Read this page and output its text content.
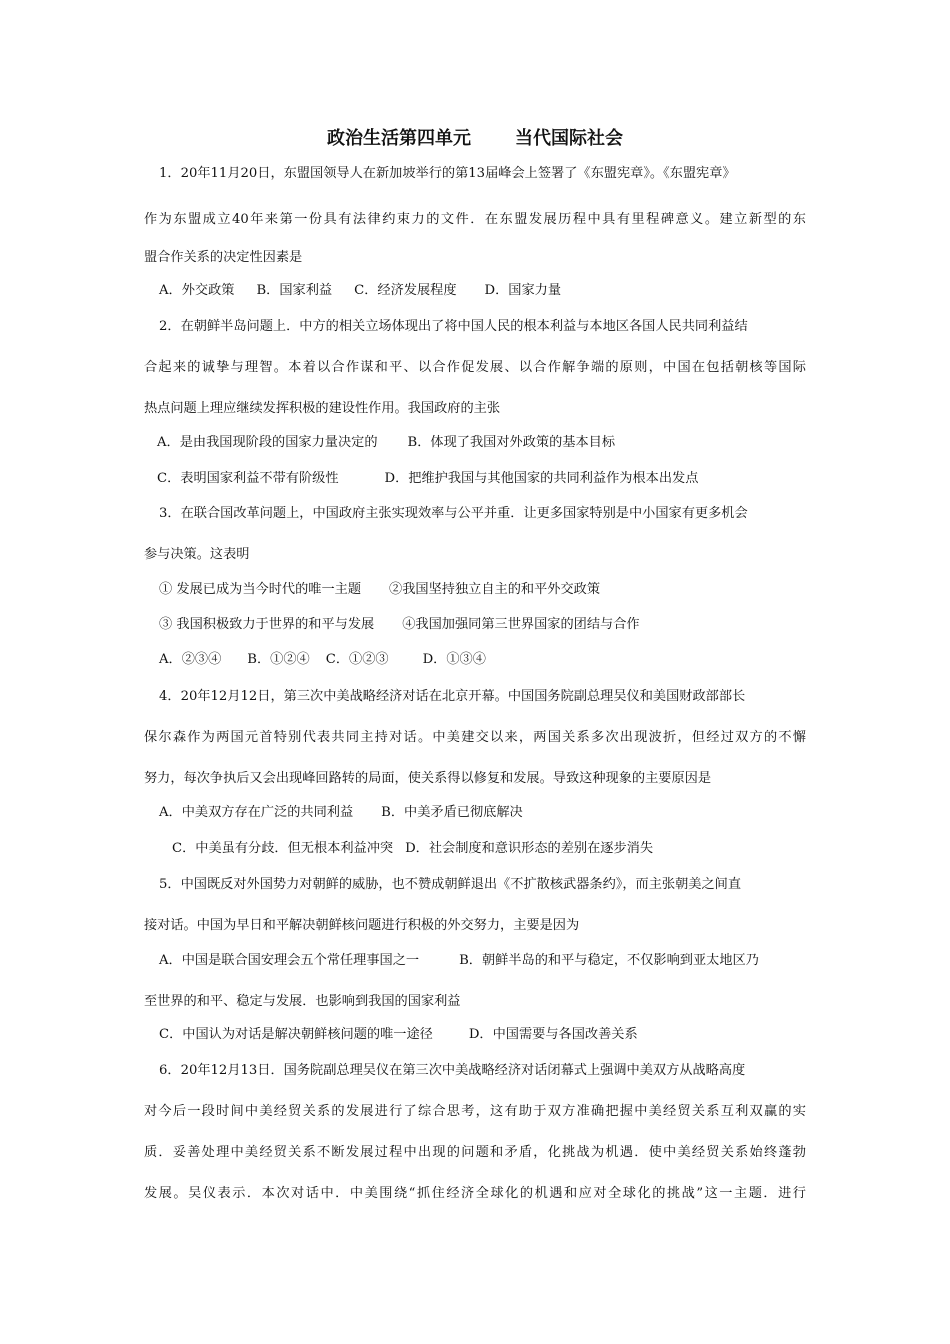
政治生活第四单元 当代国际社会
1．20年11月20日，东盟国领导人在新加坡举行的第13届峰会上签署了《东盟宪章》。《东盟宪章》
作为东盟成立40年来第一份具有法律约束力的文件．在东盟发展历程中具有里程碑意义。建立新型的东
盟合作关系的决定性因素是
A．外交政策 B．国家利益 C．经济发展程度 D．国家力量
2．在朝鲜半岛问题上．中方的相关立场体现出了将中国人民的根本利益与本地区各国人民共同利益结
合起来的诚挚与理智。本着以合作谋和平、以合作促发展、以合作解争端的原则，中国在包括朝核等国际
热点问题上理应继续发挥积极的建设性作用。我国政府的主张
A．是由我国现阶段的国家力量决定的 B．体现了我国对外政策的基本目标
C．表明国家利益不带有阶级性	D．把维护我国与其他国家的共同利益作为根本出发点
3．在联合国改革问题上，中国政府主张实现效率与公平并重．让更多国家特别是中小国家有更多机会
参与决策。这表明
① 发展已成为当今时代的唯一主题 ②我国坚持独立自主的和平外交政策
③ 我国积极致力于世界的和平与发展 ④我国加强同第三世界国家的团结与合作
A．②③④ B．①②④ C．①②③	D．①③④
4．20年12月12日，第三次中美战略经济对话在北京开幕。中国国务院副总理吴仪和美国财政部部长
保尔森作为两国元首特别代表共同主持对话。中美建交以来，两国关系多次出现波折，但经过双方的不懈
努力，每次争执后又会出现峰回路转的局面，使关系得以修复和发展。导致这种现象的主要原因是
A．中美双方存在广泛的共同利益 B．中美矛盾已彻底解决
C．中美虽有分歧．但无根本利益冲突 D．社会制度和意识形态的差别在逐步消失
5．中国既反对外国势力对朝鲜的威胁，也不赞成朝鲜退出《不扩散核武器条约》，而主张朝美之间直
接对话。中国为早日和平解决朝鲜核问题进行积极的外交努力，主要是因为
A．中国是联合国安理会五个常任理事国之一	B．朝鲜半岛的和平与稳定，不仅影响到亚太地区乃
至世界的和平、稳定与发展．也影响到我国的国家利益
C．中国认为对话是解决朝鲜核问题的唯一途径	D．中国需要与各国改善关系
6．20年12月13日．国务院副总理吴仪在第三次中美战略经济对话闭幕式上强调中美双方从战略高度
对今后一段时间中美经贸关系的发展进行了综合思考，这有助于双方准确把握中美经贸关系互利双赢的实
质．妥善处理中美经贸关系不断发展过程中出现的问题和矛盾，化挑战为机遇．使中美经贸关系始终蓬勃
发展。吴仪表示．本次对话中．中美围绕“抓住经济全球化的机遇和应对全球化的挑战”这一主题．进行
